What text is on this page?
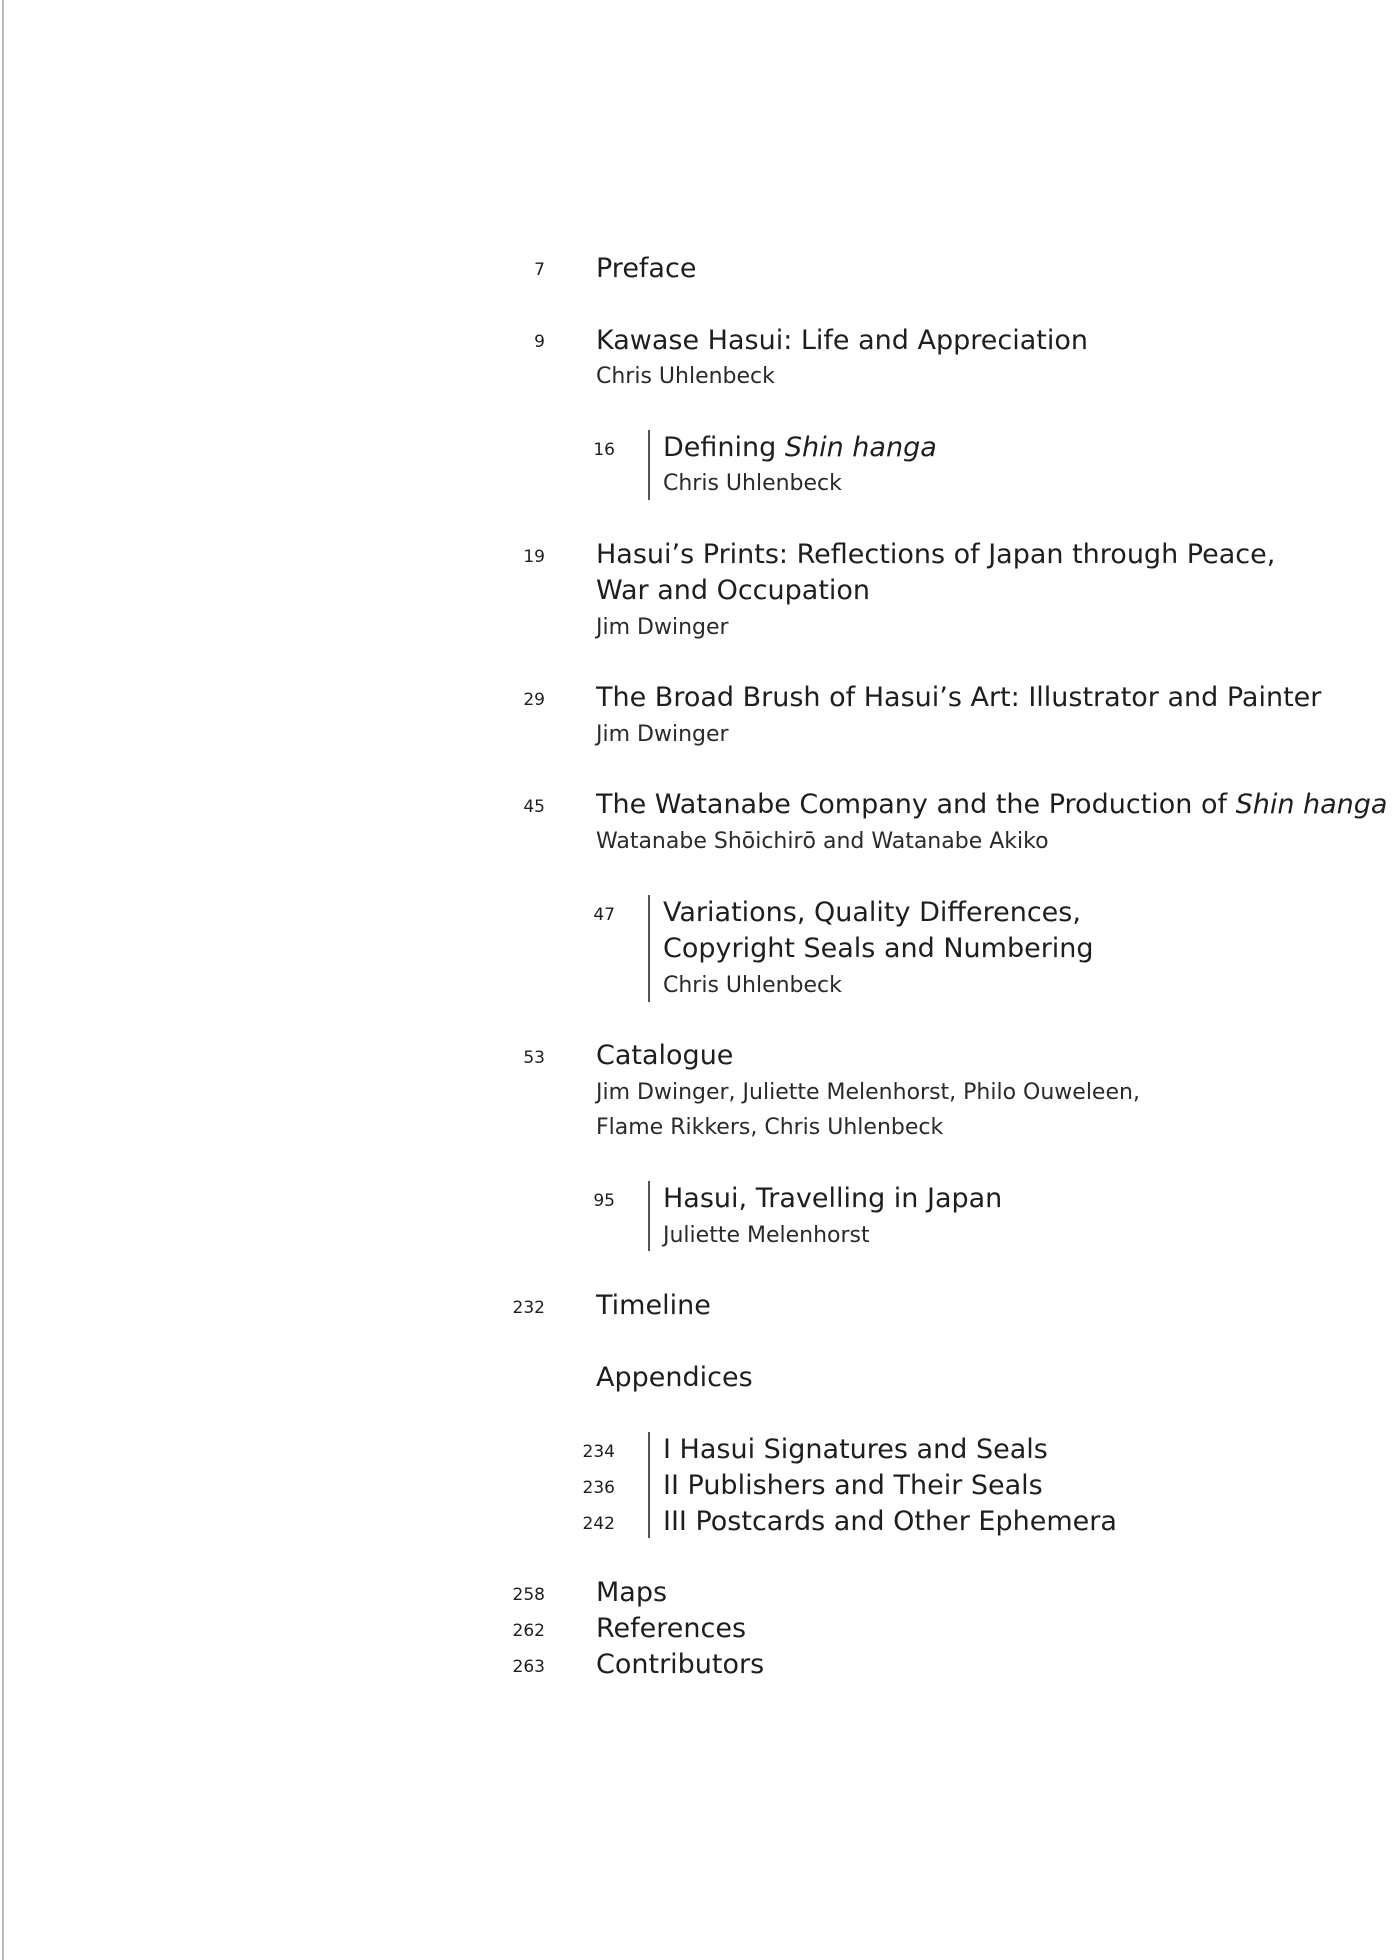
7 Preface
9 Kawase Hasui: Life and Appreciation
Chris Uhlenbeck
16 Defining Shin hanga
Chris Uhlenbeck
19 Hasui’s Prints: Reflections of Japan through Peace,
War and Occupation
Jim Dwinger
29 The Broad Brush of Hasui’s Art: Illustrator and Painter
Jim Dwinger
45 The Watanabe Company and the Production of Shin hanga
Watanabe Shōichirō and Watanabe Akiko
47 Variations, Quality Differences,
Copyright Seals and Numbering
Chris Uhlenbeck
53 Catalogue
Jim Dwinger, Juliette Melenhorst, Philo Ouweleen,
Flame Rikkers, Chris Uhlenbeck
95 Hasui, Travelling in Japan
Juliette Melenhorst
232 Timeline
Appendices
234 I Hasui Signatures and Seals
236 II Publishers and Their Seals
242 III Postcards and Other Ephemera
258 Maps
262 References
263 Contributors
